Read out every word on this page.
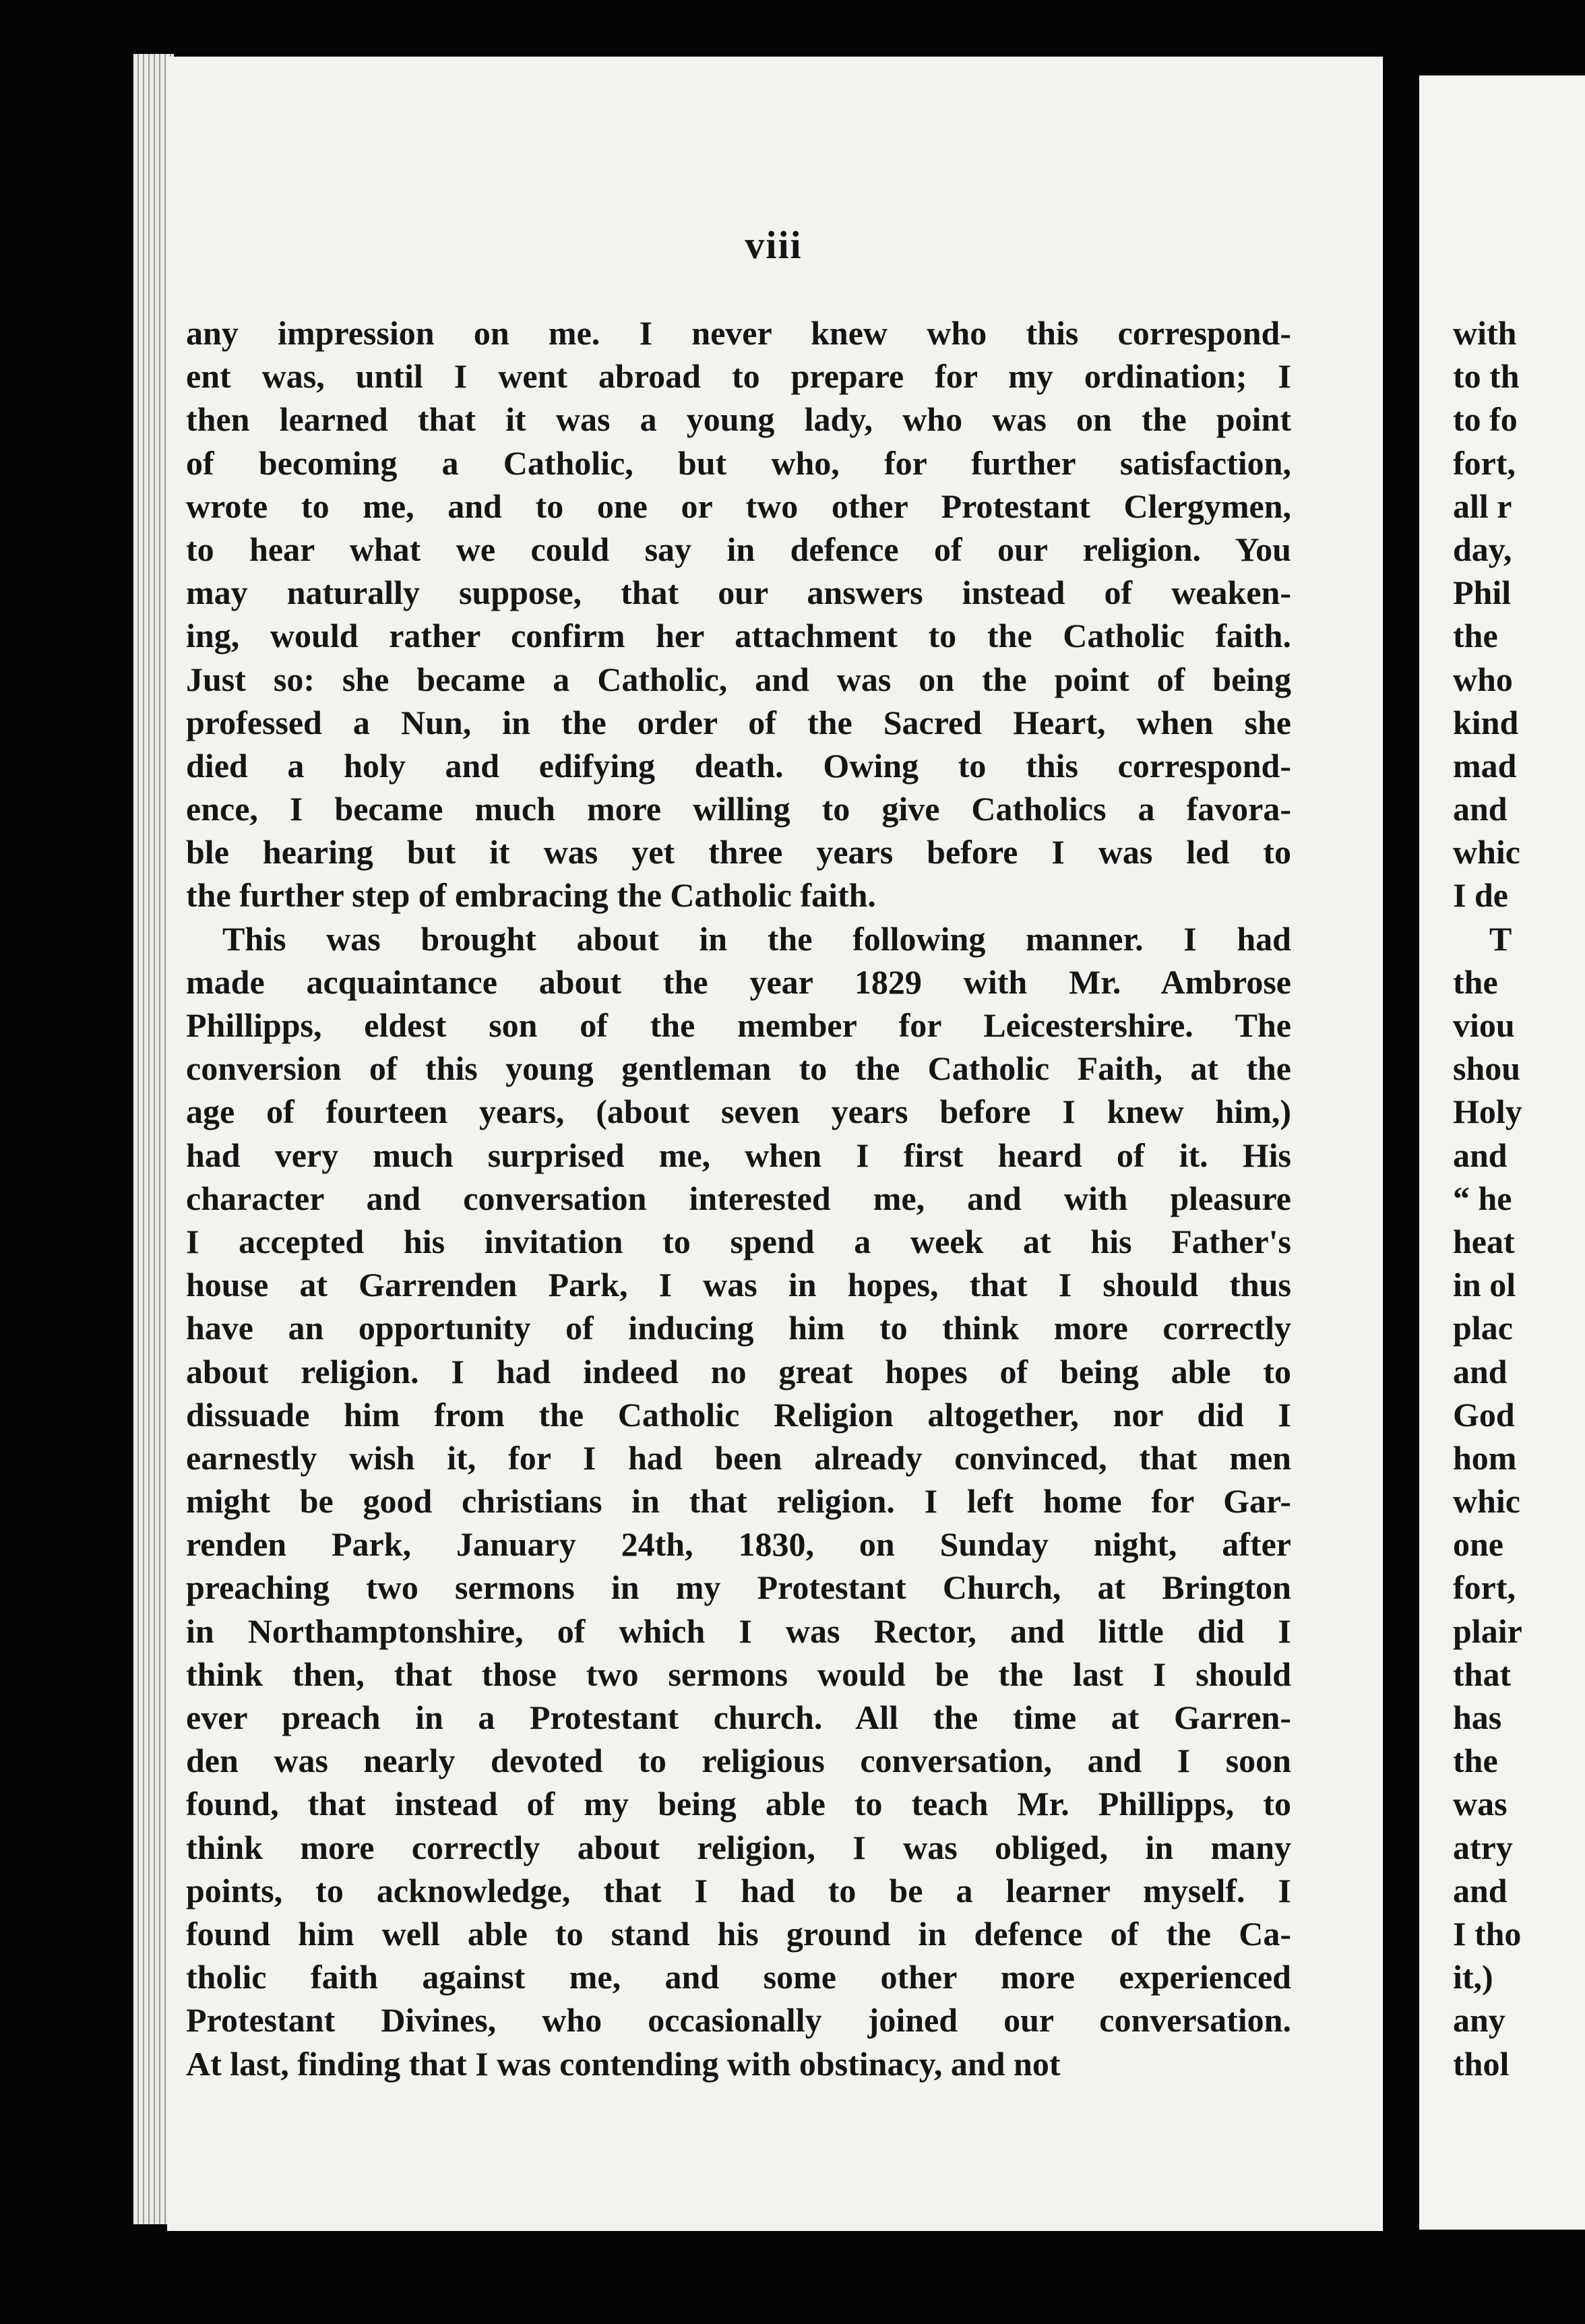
viii
any impression on me. I never knew who this correspond-
ent was, until I went abroad to prepare for my ordination; I
then learned that it was a young lady, who was on the point
of becoming a Catholic, but who, for further satisfaction,
wrote to me, and to one or two other Protestant Clergymen,
to hear what we could say in defence of our religion. You
may naturally suppose, that our answers instead of weaken-
ing, would rather confirm her attachment to the Catholic faith.
Just so: she became a Catholic, and was on the point of being
professed a Nun, in the order of the Sacred Heart, when she
died a holy and edifying death. Owing to this correspond-
ence, I became much more willing to give Catholics a favora-
ble hearing but it was yet three years before I was led to
the further step of embracing the Catholic faith.
This was brought about in the following manner. I had
made acquaintance about the year 1829 with Mr. Ambrose
Phillipps, eldest son of the member for Leicestershire. The
conversion of this young gentleman to the Catholic Faith, at the
age of fourteen years, (about seven years before I knew him,)
had very much surprised me, when I first heard of it. His
character and conversation interested me, and with pleasure
I accepted his invitation to spend a week at his Father's
house at Garrenden Park, I was in hopes, that I should thus
have an opportunity of inducing him to think more correctly
about religion. I had indeed no great hopes of being able to
dissuade him from the Catholic Religion altogether, nor did I
earnestly wish it, for I had been already convinced, that men
might be good christians in that religion. I left home for Gar-
renden Park, January 24th, 1830, on Sunday night, after
preaching two sermons in my Protestant Church, at Brington
in Northamptonshire, of which I was Rector, and little did I
think then, that those two sermons would be the last I should
ever preach in a Protestant church. All the time at Garren-
den was nearly devoted to religious conversation, and I soon
found, that instead of my being able to teach Mr. Phillipps, to
think more correctly about religion, I was obliged, in many
points, to acknowledge, that I had to be a learner myself. I
found him well able to stand his ground in defence of the Ca-
tholic faith against me, and some other more experienced
Protestant Divines, who occasionally joined our conversation.
At last, finding that I was contending with obstinacy, and not
with
to th
to fo
fort,
all r
day,
Phil
the
who
kind
mad
and
whic
I de
T
the
viou
shou
Holy
and
“ he
heat
in ol
plac
and
God
hom
whic
one
fort,
plair
that
has
the
was
atry
and
I tho
it,)
any
thol
